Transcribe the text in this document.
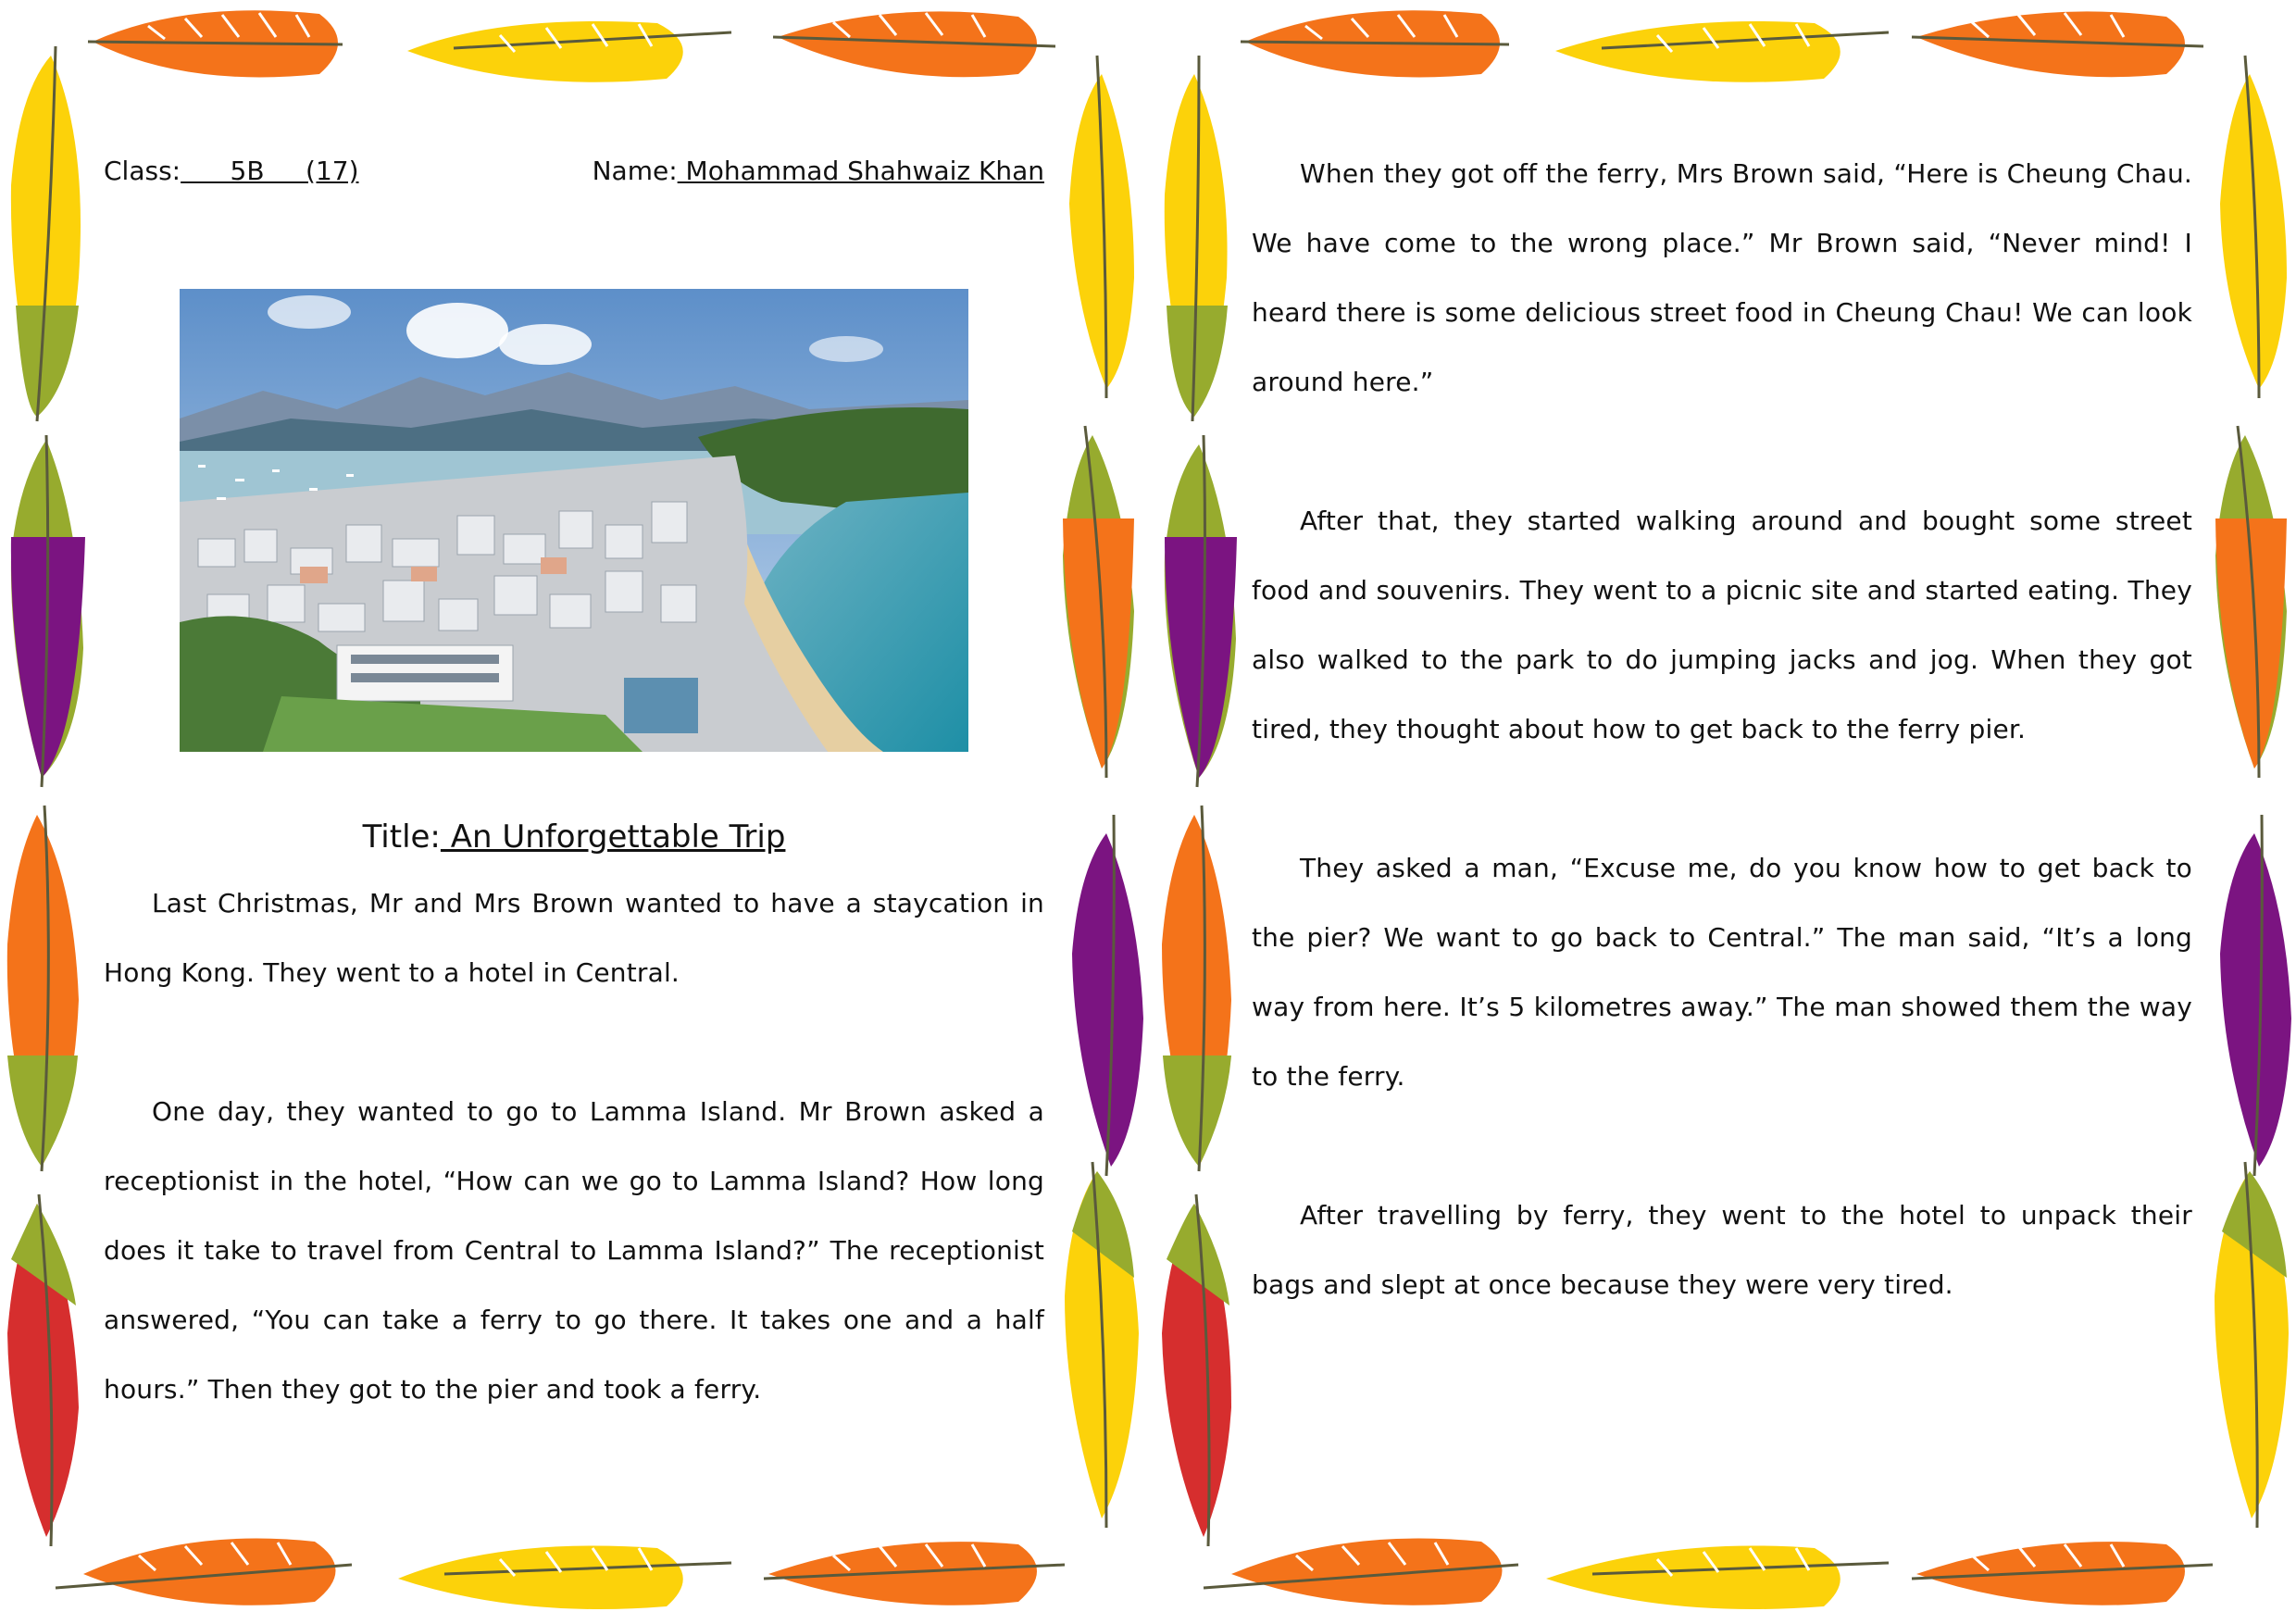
Class:      5B     (17)	Name: Mohammad Shahwaiz Khan
Title: An Unforgettable Trip

Last Christmas, Mr and Mrs Brown wanted to have a staycation in Hong Kong. They went to a hotel in Central.

One day, they wanted to go to Lamma Island. Mr Brown asked a receptionist in the hotel, “How can we go to Lamma Island? How long does it take to travel from Central to Lamma Island?” The receptionist answered, “You can take a ferry to go there. It takes one and a half hours.” Then they got to the pier and took a ferry.

When they got off the ferry, Mrs Brown said, “Here is Cheung Chau. We have come to the wrong place.” Mr Brown said, “Never mind! I heard there is some delicious street food in Cheung Chau! We can look around here.”

After that, they started walking around and bought some street food and souvenirs. They went to a picnic site and started eating. They also walked to the park to do jumping jacks and jog. When they got tired, they thought about how to get back to the ferry pier.

They asked a man, “Excuse me, do you know how to get back to the pier? We want to go back to Central.” The man said, “It’s a long way from here. It’s 5 kilometres away.” The man showed them the way to the ferry.

After travelling by ferry, they went to the hotel to unpack their bags and slept at once because they were very tired.
